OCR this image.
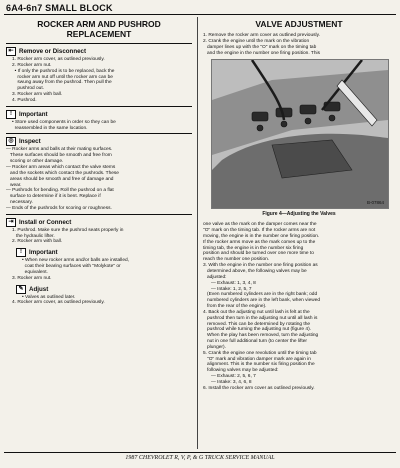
6A4-6n7 SMALL BLOCK
ROCKER ARM AND PUSHROD
REPLACEMENT
⇤ Remove or Disconnect
1. Rocker arm cover, as outlined previously.
2. Rocker arm nut.
• If only the pushrod is to be replaced, back the
rocker arm nut off until the rocker arm can be
swung away from the pushrod. Then pull the
pushrod out.
3. Rocker arm with ball.
4. Pushrod.
!	Important
• Store used components in order so they can be
reassembled in the same location.
◎ Inspect
— Rocker arms and balls at their mating surfaces.
These surfaces should be smooth and free from
scoring or other damage.
— Rocker arm areas which contact the valve stems
and the sockets which contact the pushrods. These
areas should be smooth and free of damage and
wear.
— Pushrods for bending. Roll the pushrod on a flat
surface to determine if it is bent. Replace if
necessary.
— Ends of the pushrods for scoring or roughness.
⇥ Install or Connect
1. Pushrod. Make sure the pushrod seats properly in
the hydraulic lifter.
2. Rocker arm with ball.
!	Important
• When new rocker arms and/or balls are installed,
coat their bearing surfaces with "Molykote" or
equivalent.
3. Rocker arm nut.
✎ Adjust
• Valves as outlined later.
4. Rocker arm cover, as outlined previously.
VALVE ADJUSTMENT
1. Remove the rocker arm cover as outlined previously.
2. Crank the engine until the mark on the vibration
damper lines up with the "O" mark on the timing tab
and the engine in the number one firing position. This
B-07864
Figure 4—Adjusting the Valves
one valve as the mark on the damper comes near the
"O" mark on the timing tab. If the rocker arms are not
moving, the engine is in the number one firing position.
If the rocker arms move as the mark comes up to the
timing tab, the engine is in the number six firing
position and should be turned over one more time to
reach the number one position.
3. With the engine in the number one firing position as
determined above, the following valves may be
adjusted:
— Exhaust: 1, 3, 4, 8
— Intake: 1, 2, 5, 7
(Even numbered cylinders are in the right bank; odd
numbered cylinders are in the left bank, when viewed
from the rear of the engine).
4. Back out the adjusting nut until lash is felt at the
pushrod then turn in the adjusting nut until all lash is
removed. This can be determined by rotating the
pushrod while turning the adjusting nut (figure 4).
When the play has been removed, turn the adjusting
nut in one full additional turn (to center the lifter
plunger).
5. Crank the engine one revolution until the timing tab
"O" mark and vibration damper mark are again in
alignment. This is the number six firing position the
following valves may be adjusted:
— Exhaust: 2, 5, 6, 7
— Intake: 3, 4, 6, 8
6. Install the rocker arm cover as outlined previously.
1987 CHEVROLET R, V, P, & G TRUCK SERVICE MANUAL
